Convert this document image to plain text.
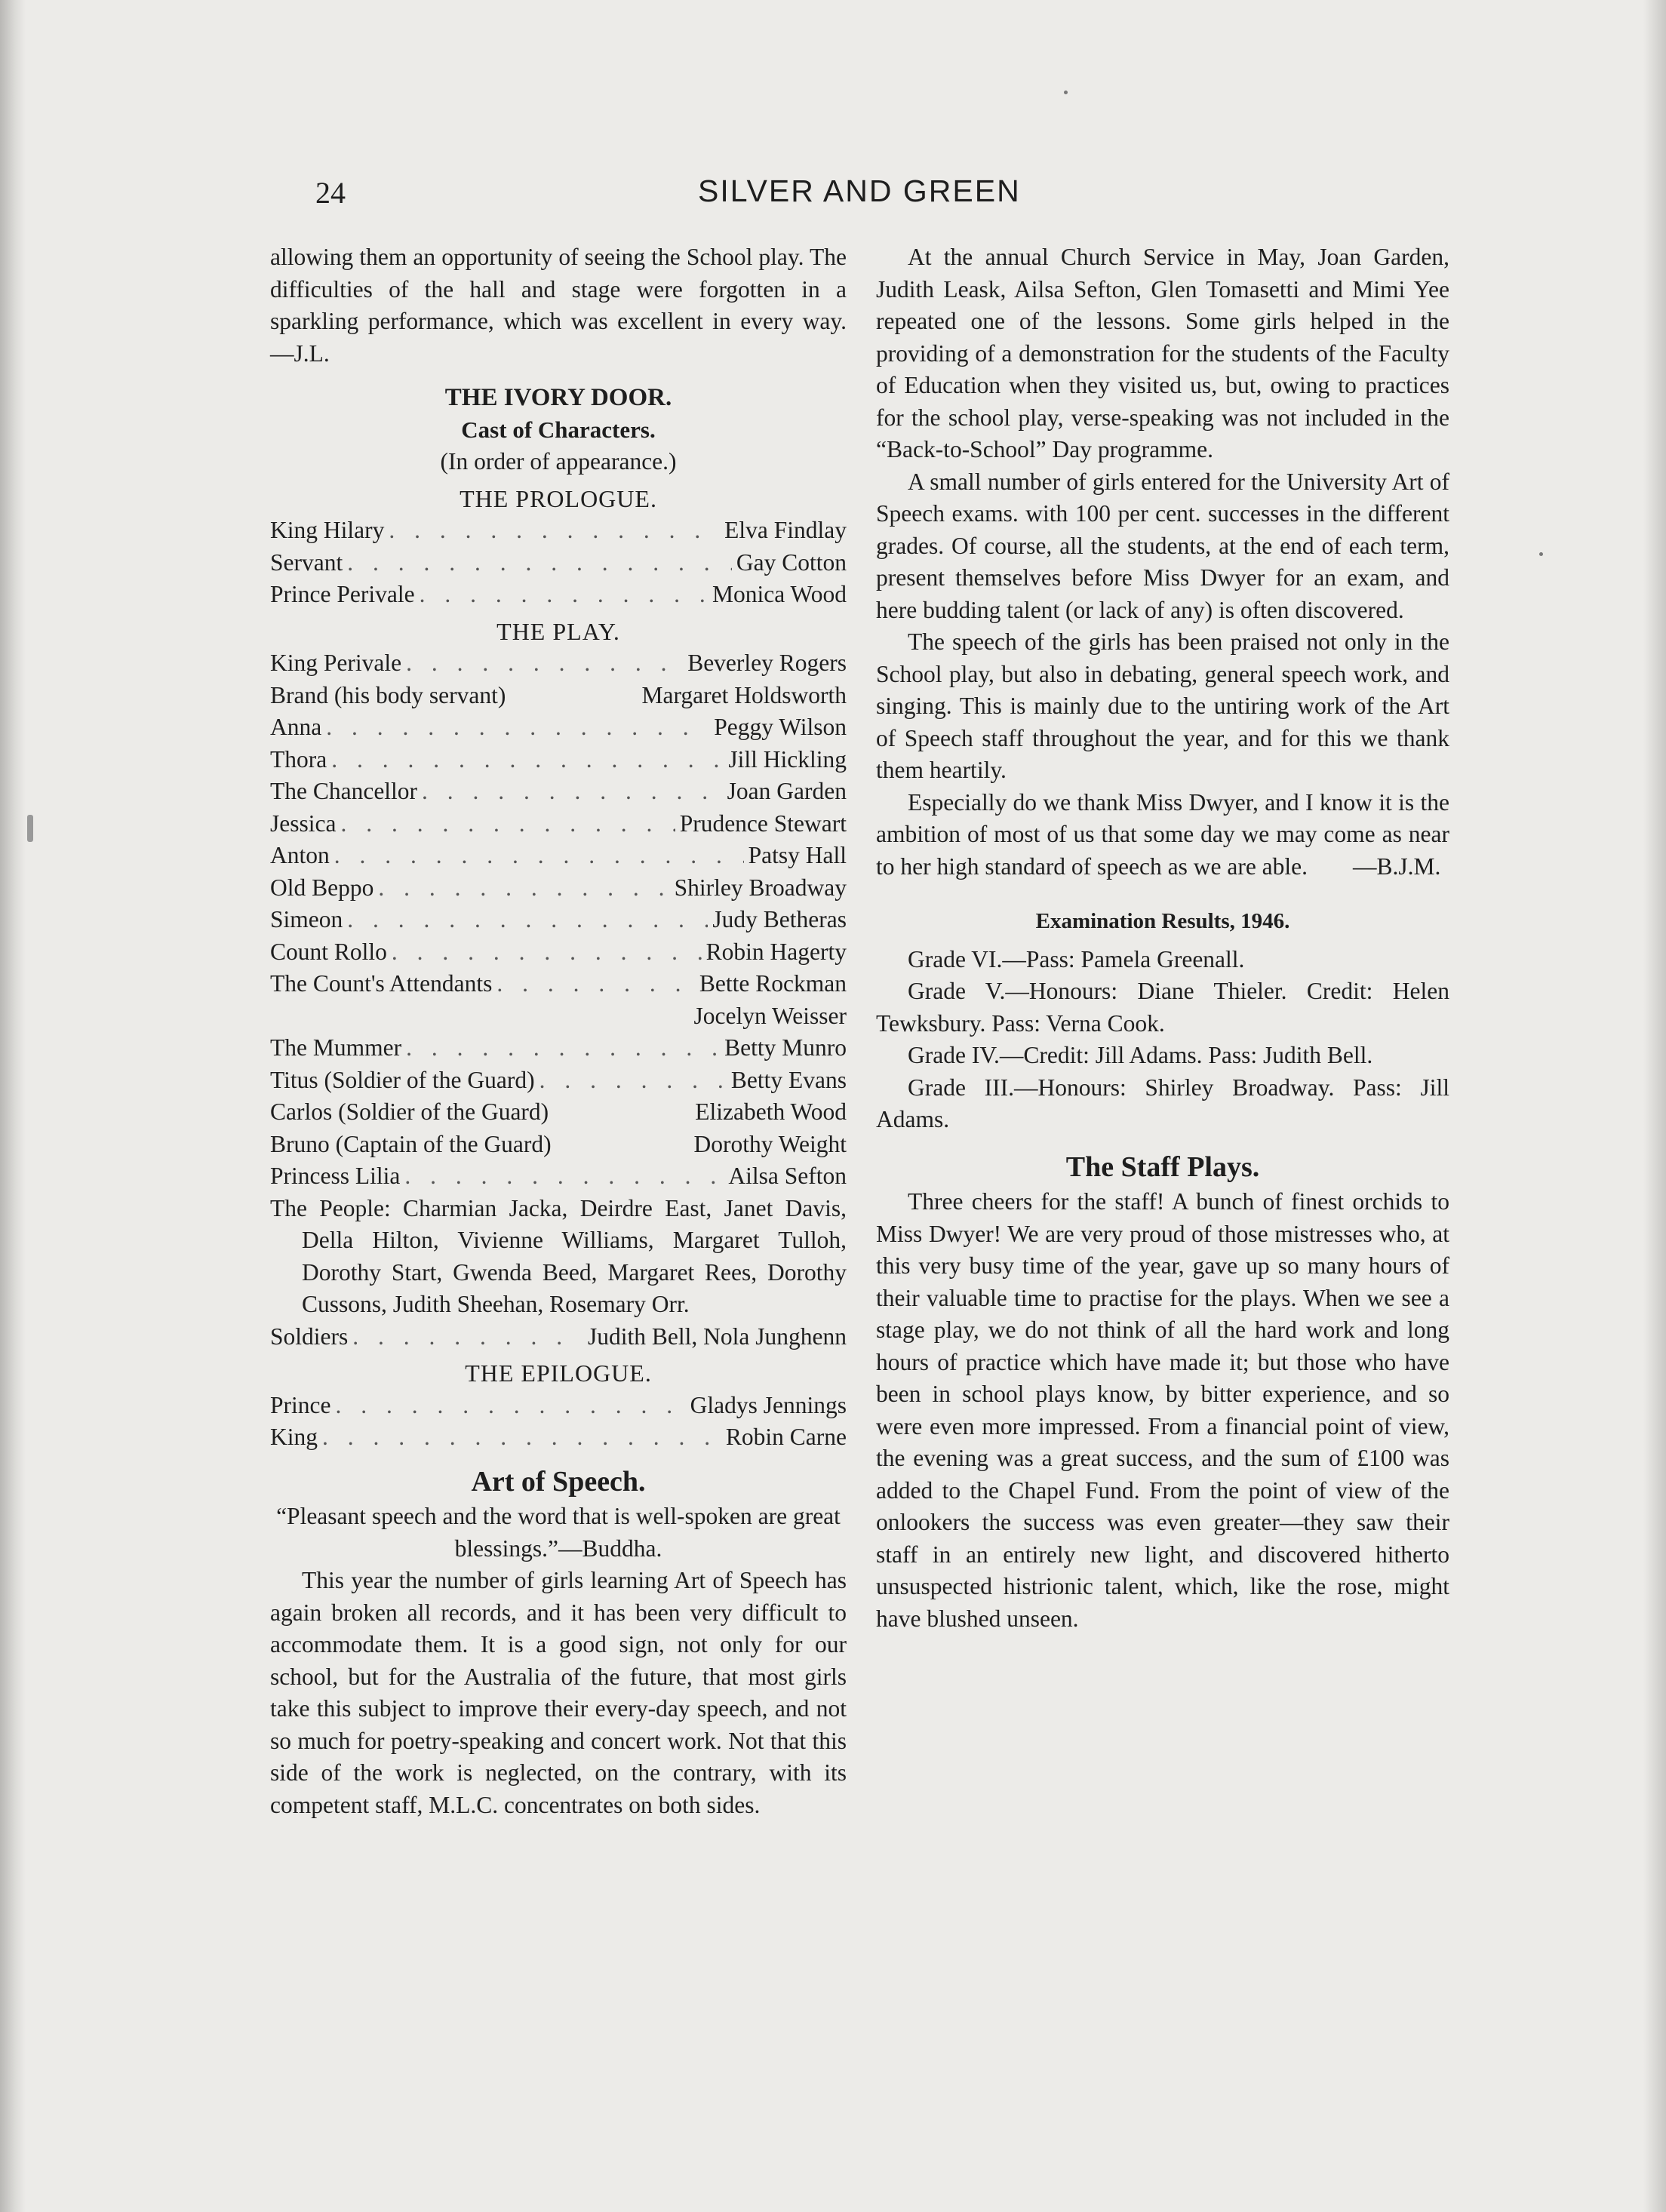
24	SILVER AND GREEN

allowing them an opportunity of seeing the School play. The difficulties of the hall and stage were forgotten in a sparkling performance, which was excellent in every way. —J.L.

THE IVORY DOOR.
Cast of Characters.
(In order of appearance.)
THE PROLOGUE.
King Hilary . . .	Elva Findlay
Servant . . .	Gay Cotton
Prince Perivale . . .	Monica Wood
THE PLAY.
King Perivale . . .	Beverley Rogers
Brand (his body servant)	Margaret Holdsworth
Anna . . .	Peggy Wilson
Thora . . .	Jill Hickling
The Chancellor . . .	Joan Garden
Jessica . . .	Prudence Stewart
Anton . . .	Patsy Hall
Old Beppo . . .	Shirley Broadway
Simeon . . .	Judy Betheras
Count Rollo . . .	Robin Hagerty
The Count's Attendants . . .	Bette Rockman
Jocelyn Weisser
The Mummer . . .	Betty Munro
Titus (Soldier of the Guard) . . .	Betty Evans
Carlos (Soldier of the Guard)	Elizabeth Wood
Bruno (Captain of the Guard)	Dorothy Weight
Princess Lilia . . .	Ailsa Sefton

The People: Charmian Jacka, Deirdre East, Janet Davis, Della Hilton, Vivienne Williams, Margaret Tulloh, Dorothy Start, Gwenda Beed, Margaret Rees, Dorothy Cussons, Judith Sheehan, Rosemary Orr.

Soldiers . . .	Judith Bell, Nola Junghenn
THE EPILOGUE.
Prince . . .	Gladys Jennings
King . . .	Robin Carne
Art of Speech.

“Pleasant speech and the word that is well-spoken are great blessings.”—Buddha.

This year the number of girls learning Art of Speech has again broken all records, and it has been very difficult to accommodate them. It is a good sign, not only for our school, but for the Australia of the future, that most girls take this subject to improve their every-day speech, and not so much for poetry-speaking and concert work. Not that this side of the work is neglected, on the contrary, with its competent staff, M.L.C. concentrates on both sides.

At the annual Church Service in May, Joan Garden, Judith Leask, Ailsa Sefton, Glen Tomasetti and Mimi Yee repeated one of the lessons. Some girls helped in the providing of a demonstration for the students of the Faculty of Education when they visited us, but, owing to practices for the school play, verse-speaking was not included in the “Back-to-School” Day programme.

A small number of girls entered for the University Art of Speech exams. with 100 per cent. successes in the different grades. Of course, all the students, at the end of each term, present themselves before Miss Dwyer for an exam, and here budding talent (or lack of any) is often discovered.

The speech of the girls has been praised not only in the School play, but also in debating, general speech work, and singing. This is mainly due to the untiring work of the Art of Speech staff throughout the year, and for this we thank them heartily.

Especially do we thank Miss Dwyer, and I know it is the ambition of most of us that some day we may come as near to her high standard of speech as we are able. —B.J.M.

Examination Results, 1946.

Grade VI.—Pass: Pamela Greenall.

Grade V.—Honours: Diane Thieler. Credit: Helen Tewksbury. Pass: Verna Cook.

Grade IV.—Credit: Jill Adams. Pass: Judith Bell.

Grade III.—Honours: Shirley Broadway. Pass: Jill Adams.

The Staff Plays.

Three cheers for the staff! A bunch of finest orchids to Miss Dwyer! We are very proud of those mistresses who, at this very busy time of the year, gave up so many hours of their valuable time to practise for the plays. When we see a stage play, we do not think of all the hard work and long hours of practice which have made it; but those who have been in school plays know, by bitter experience, and so were even more impressed. From a financial point of view, the evening was a great success, and the sum of £100 was added to the Chapel Fund. From the point of view of the onlookers the success was even greater—they saw their staff in an entirely new light, and discovered hitherto unsuspected histrionic talent, which, like the rose, might have blushed unseen.
